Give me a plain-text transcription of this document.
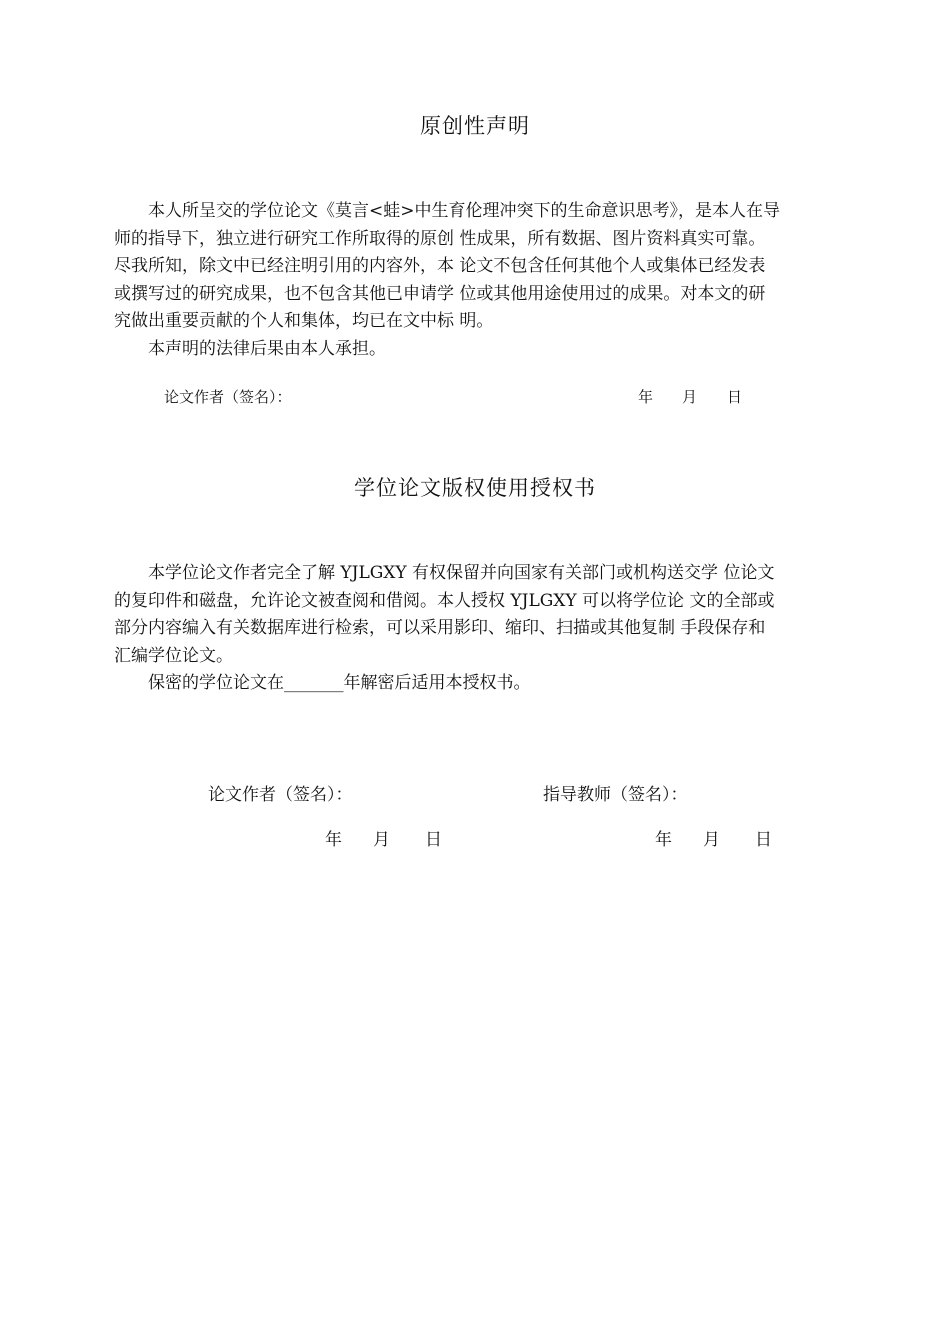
原创性声明
本人所呈交的学位论文《莫言<蛙>中生育伦理冲突下的生命意识思考》，是本人在导
师的指导下，独立进行研究工作所取得的原创 性成果，所有数据、图片资料真实可靠。
尽我所知，除文中已经注明引用的内容外，本 论文不包含任何其他个人或集体已经发表
或撰写过的研究成果，也不包含其他已申请学 位或其他用途使用过的成果。对本文的研
究做出重要贡献的个人和集体，均已在文中标 明。
本声明的法律后果由本人承担。
论文作者（签名）：	年 月 日
学位论文版权使用授权书
本学位论文作者完全了解 YJLGXY 有权保留并向国家有关部门或机构送交学 位论文
的复印件和磁盘，允许论文被查阅和借阅。本人授权 YJLGXY 可以将学位论 文的全部或
部分内容编入有关数据库进行检索，可以采用影印、缩印、扫描或其他复制 手段保存和
汇编学位论文。
保密的学位论文在_______年解密后适用本授权书。
论文作者（签名）：	指导教师（签名）：
年 月 日	年 月 日
